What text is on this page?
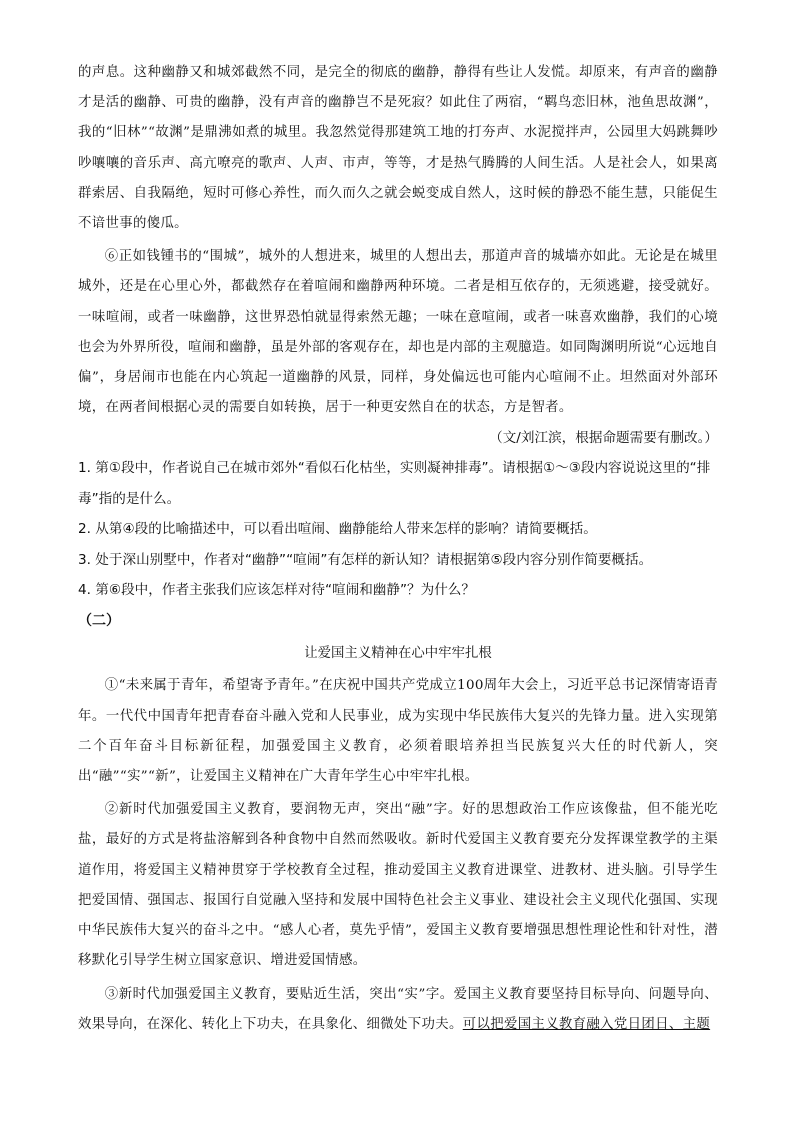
的声息。这种幽静又和城郊截然不同，是完全的彻底的幽静，静得有些让人发慌。却原来，有声音的幽静才是活的幽静、可贵的幽静，没有声音的幽静岂不是死寂？如此住了两宿，“羁鸟恋旧林，池鱼思故渊”，我的“旧林”“故渊”是鼎沸如煮的城里。我忽然觉得那建筑工地的打夯声、水泥搅拌声，公园里大妈跳舞吵吵嚷嚷的音乐声、高亢嘹亮的歌声、人声、市声，等等，才是热气腾腾的人间生活。人是社会人，如果离群索居、自我隔绝，短时可修心养性，而久而久之就会蜕变成自然人，这时候的静恐不能生慧，只能促生不谙世事的傻瓜。

⑥正如钱锺书的“围城”，城外的人想进来，城里的人想出去，那道声音的城墙亦如此。无论是在城里城外，还是在心里心外，都截然存在着喧闹和幽静两种环境。二者是相互依存的，无须逃避，接受就好。一味喧闹，或者一味幽静，这世界恐怕就显得索然无趣；一味在意喧闹，或者一味喜欢幽静，我们的心境也会为外界所役，喧闹和幽静，虽是外部的客观存在，却也是内部的主观臆造。如同陶渊明所说“心远地自偏”，身居闹市也能在内心筑起一道幽静的风景，同样，身处偏远也可能内心喧闹不止。坦然面对外部环境，在两者间根据心灵的需要自如转换，居于一种更安然自在的状态，方是智者。

（文/刘江滨，根据命题需要有删改。）

1. 第①段中，作者说自己在城市郊外“看似石化枯坐，实则凝神排毒”。请根据①～③段内容说说这里的“排毒”指的是什么。

2. 从第④段的比喻描述中，可以看出喧闹、幽静能给人带来怎样的影响？请简要概括。

3. 处于深山别墅中，作者对“幽静”“喧闹”有怎样的新认知？请根据第⑤段内容分别作简要概括。

4. 第⑥段中，作者主张我们应该怎样对待“喧闹和幽静”？为什么？

（二）

让爱国主义精神在心中牢牢扎根

①“未来属于青年，希望寄予青年。”在庆祝中国共产党成立100周年大会上，习近平总书记深情寄语青年。一代代中国青年把青春奋斗融入党和人民事业，成为实现中华民族伟大复兴的先锋力量。进入实现第二个百年奋斗目标新征程，加强爱国主义教育，必须着眼培养担当民族复兴大任的时代新人，突出“融”“实”“新”，让爱国主义精神在广大青年学生心中牢牢扎根。

②新时代加强爱国主义教育，要润物无声，突出“融”字。好的思想政治工作应该像盐，但不能光吃盐，最好的方式是将盐溶解到各种食物中自然而然吸收。新时代爱国主义教育要充分发挥课堂教学的主渠道作用，将爱国主义精神贯穿于学校教育全过程，推动爱国主义教育进课堂、进教材、进头脑。引导学生把爱国情、强国志、报国行自觉融入坚持和发展中国特色社会主义事业、建设社会主义现代化强国、实现中华民族伟大复兴的奋斗之中。“感人心者，莫先乎情”，爱国主义教育要增强思想性理论性和针对性，潜移默化引导学生树立国家意识、增进爱国情感。

③新时代加强爱国主义教育，要贴近生活，突出“实”字。爱国主义教育要坚持目标导向、问题导向、效果导向，在深化、转化上下功夫，在具象化、细微处下功夫。可以把爱国主义教育融入党日团日、主题
